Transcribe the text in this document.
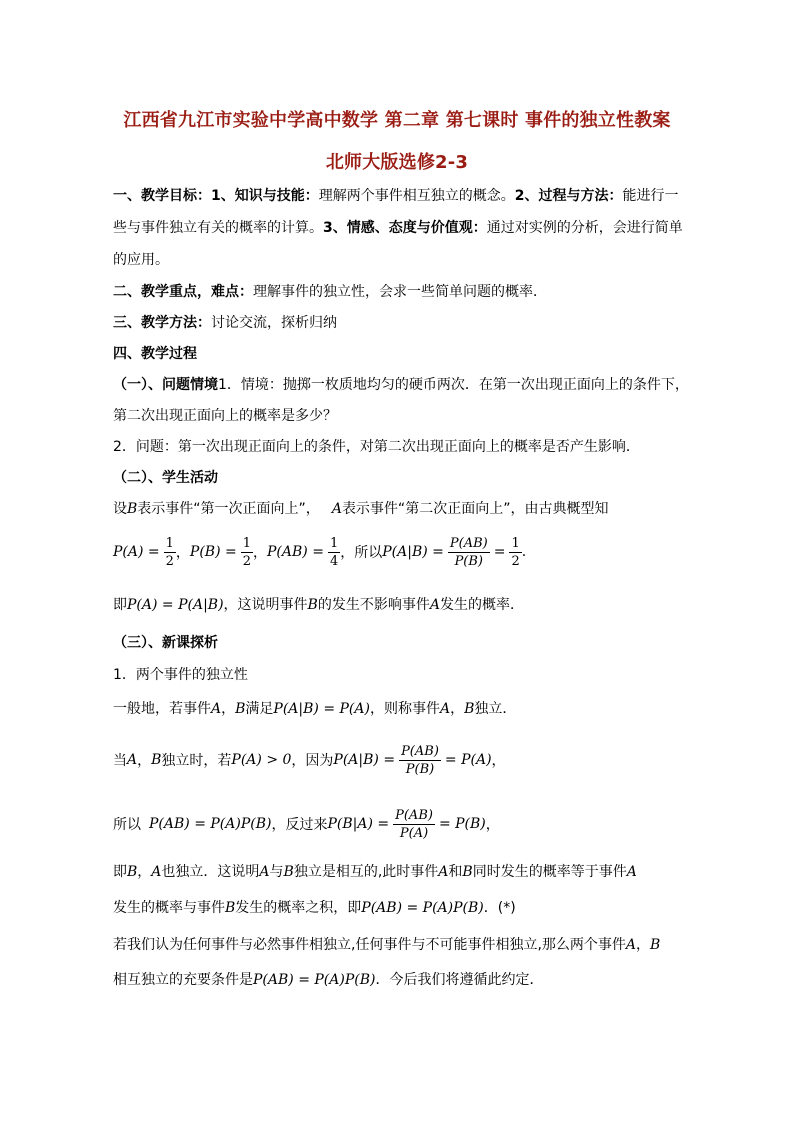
江西省九江市实验中学高中数学 第二章 第七课时 事件的独立性教案
北师大版选修2-3
一、教学目标：1、知识与技能：理解两个事件相互独立的概念。2、过程与方法：能进行一
些与事件独立有关的概率的计算。3、情感、态度与价值观：通过对实例的分析，会进行简单
的应用。
二、教学重点，难点：理解事件的独立性，会求一些简单问题的概率．
三、教学方法：讨论交流，探析归纳
四、教学过程
（一）、问题情境1．情境：抛掷一枚质地均匀的硬币两次．在第一次出现正面向上的条件下，
第二次出现正面向上的概率是多少？
2．问题：第一次出现正面向上的条件，对第二次出现正面向上的概率是否产生影响．
（二）、学生活动
设B表示事件“第一次正面向上”， A表示事件“第二次正面向上”，由古典概型知
$P(A) = \frac{1}{2}$ ， $P(B) = \frac{1}{2}$ ， $P(AB) = \frac{1}{4}$ ， 所以 $P(A|B) = \frac{P(AB)}{P(B)} = \frac{1}{2}$ .
即P(A) = P(A|B)，这说明事件B的发生不影响事件A发生的概率．
（三）、新课探析
1．两个事件的独立性
一般地，若事件A，B满足P(A|B) = P(A)，则称事件A，B独立．
当 A ， B 独立时，若 P(A) > 0 ，因为 $P(A|B) = \frac{P(AB)}{P(B)} = P(A)$ ，
所以 P(AB) = P(A)P(B) ，反过来 $P(B|A) = \frac{P(AB)}{P(A)} = P(B)$ ，
即B，A也独立．这说明A与B独立是相互的,此时事件A和B同时发生的概率等于事件A
发生的概率与事件B发生的概率之积，即P(AB) = P(A)P(B)．(*)
若我们认为任何事件与必然事件相独立,任何事件与不可能事件相独立,那么两个事件A，B
相互独立的充要条件是P(AB) = P(A)P(B)．今后我们将遵循此约定．
